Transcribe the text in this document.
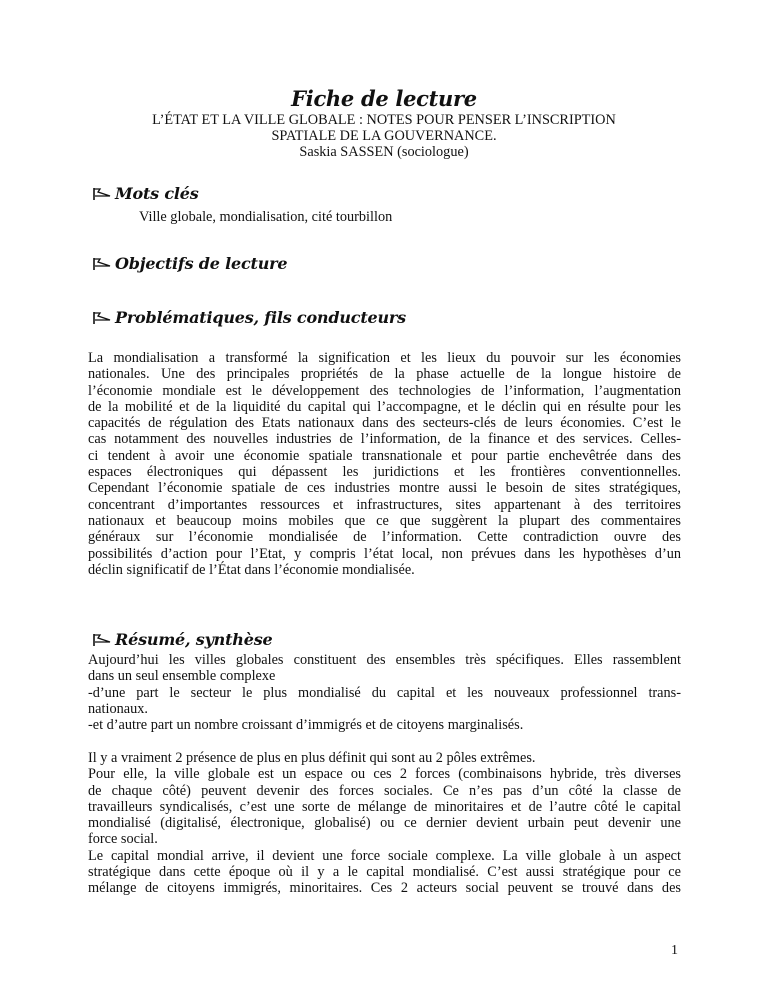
Fiche de lecture
L’ÉTAT ET LA VILLE GLOBALE : NOTES POUR PENSER L’INSCRIPTION
SPATIALE DE LA GOUVERNANCE.
Saskia SASSEN (sociologue)
Mots clés
Ville globale, mondialisation, cité tourbillon
Objectifs de lecture
Problématiques, fils conducteurs

La mondialisation a transformé la signification et les lieux du pouvoir sur les économies

nationales. Une des principales propriétés de la phase actuelle de la longue histoire de

l’économie mondiale est le développement des technologies de l’information, l’augmentation

de la mobilité et de la liquidité du capital qui l’accompagne, et le déclin qui en résulte pour les

capacités de régulation des Etats nationaux dans des secteurs-clés de leurs économies. C’est le

cas notamment des nouvelles industries de l’information, de la finance et des services. Celles-

ci tendent à avoir une économie spatiale transnationale et pour partie enchevêtrée dans des

espaces électroniques qui dépassent les juridictions et les frontières conventionnelles.

Cependant l’économie spatiale de ces industries montre aussi le besoin de sites stratégiques,

concentrant d’importantes ressources et infrastructures, sites appartenant à des territoires

nationaux et beaucoup moins mobiles que ce que suggèrent la plupart des commentaires

généraux sur l’économie mondialisée de l’information. Cette contradiction ouvre des

possibilités d’action pour l’Etat, y compris l’état local, non prévues dans les hypothèses d’un

déclin significatif de l’État dans l’économie mondialisée.

Résumé, synthèse

Aujourd’hui les villes globales constituent des ensembles très spécifiques. Elles rassemblent

dans un seul ensemble complexe

-d’une part le secteur le plus mondialisé du capital et les nouveaux professionnel trans-

nationaux.

-et d’autre part un nombre croissant d’immigrés et de citoyens marginalisés.

Il y a vraiment 2 présence de plus en plus définit qui sont au 2 pôles extrêmes.

Pour elle, la ville globale est un espace ou ces 2 forces (combinaisons hybride, très diverses

de chaque côté) peuvent devenir des forces sociales. Ce n’es pas d’un côté la classe de

travailleurs syndicalisés, c’est une sorte de mélange de minoritaires et de l’autre côté le capital

mondialisé (digitalisé, électronique, globalisé) ou ce dernier devient urbain peut devenir une

force social.

Le capital mondial arrive, il devient une force sociale complexe. La ville globale à un aspect

stratégique dans cette époque où il y a le capital mondialisé. C’est aussi stratégique pour ce

mélange de citoyens immigrés, minoritaires. Ces 2 acteurs social peuvent se trouvé dans des

1
